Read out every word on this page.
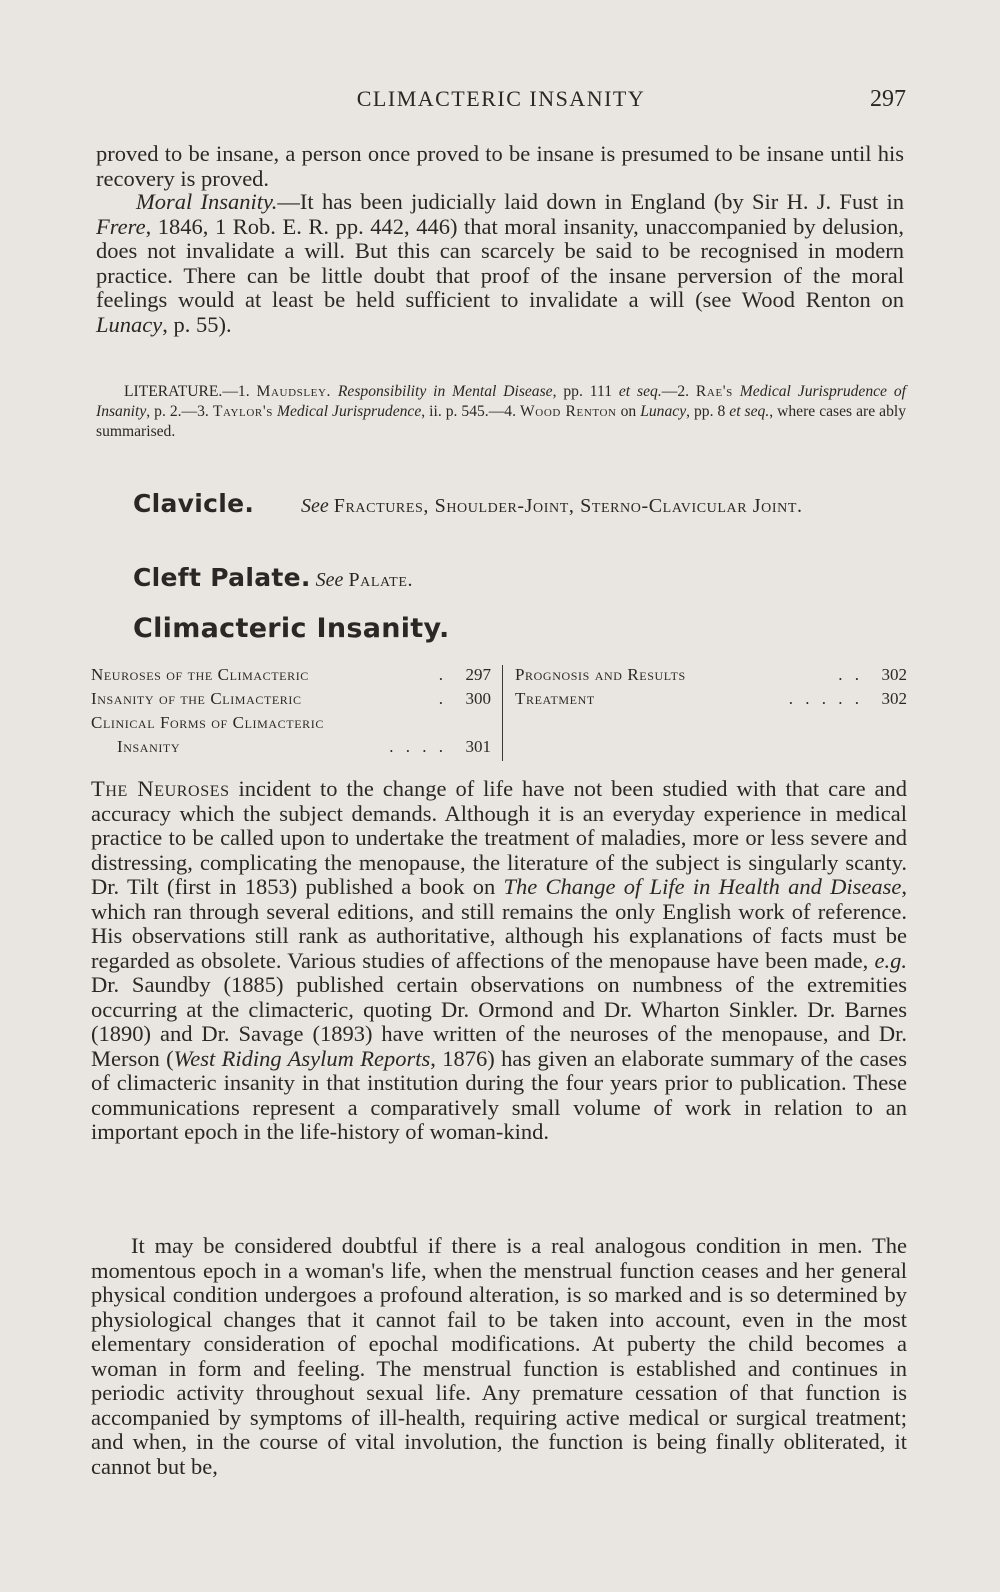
CLIMACTERIC INSANITY	297

proved to be insane, a person once proved to be insane is presumed to be insane until his recovery is proved.

Moral Insanity.—It has been judicially laid down in England (by Sir H. J. Fust in Frere, 1846, 1 Rob. E. R. pp. 442, 446) that moral insanity, unaccompanied by delusion, does not invalidate a will. But this can scarcely be said to be recognised in modern practice. There can be little doubt that proof of the insane perversion of the moral feelings would at least be held sufficient to invalidate a will (see Wood Renton on Lunacy, p. 55).

LITERATURE.—1. Maudsley. Responsibility in Mental Disease, pp. 111 et seq.—2. Rae's Medical Jurisprudence of Insanity, p. 2.—3. Taylor's Medical Jurisprudence, ii. p. 545.—4. Wood Renton on Lunacy, pp. 8 et seq., where cases are ably summarised.

Clavicle. See Fractures, Shoulder-Joint, Sterno-Clavicular Joint.
Cleft Palate. See Palate.
Climacteric Insanity.
Neuroses of the Climacteric	. 297
Insanity of the Climacteric	. 300
Clinical Forms of Climacteric
Insanity	. . . . 301
Prognosis and Results	. . 302
Treatment	. . . . . 302

The Neuroses incident to the change of life have not been studied with that care and accuracy which the subject demands. Although it is an everyday experience in medical practice to be called upon to undertake the treatment of maladies, more or less severe and distressing, complicating the menopause, the literature of the subject is singularly scanty. Dr. Tilt (first in 1853) published a book on The Change of Life in Health and Disease, which ran through several editions, and still remains the only English work of reference. His observations still rank as authoritative, although his explanations of facts must be regarded as obsolete. Various studies of affections of the menopause have been made, e.g. Dr. Saundby (1885) published certain observations on numbness of the extremities occurring at the climacteric, quoting Dr. Ormond and Dr. Wharton Sinkler. Dr. Barnes (1890) and Dr. Savage (1893) have written of the neuroses of the menopause, and Dr. Merson (West Riding Asylum Reports, 1876) has given an elaborate summary of the cases of climacteric insanity in that institution during the four years prior to publication. These communications represent a comparatively small volume of work in relation to an important epoch in the life-history of woman-kind.

It may be considered doubtful if there is a real analogous condition in men. The momentous epoch in a woman's life, when the menstrual function ceases and her general physical condition undergoes a profound alteration, is so marked and is so determined by physiological changes that it cannot fail to be taken into account, even in the most elementary consideration of epochal modifications. At puberty the child becomes a woman in form and feeling. The menstrual function is established and continues in periodic activity throughout sexual life. Any premature cessation of that function is accompanied by symptoms of ill-health, requiring active medical or surgical treatment; and when, in the course of vital involution, the function is being finally obliterated, it cannot but be,
